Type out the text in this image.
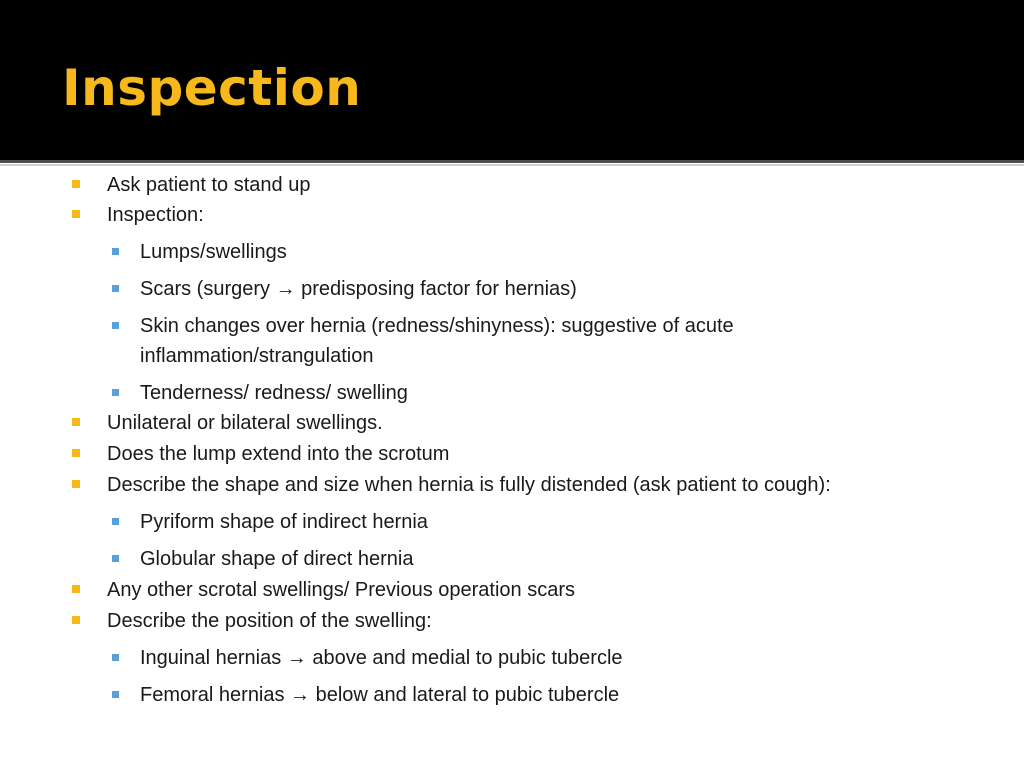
Inspection
Ask patient to stand up
Inspection:
Lumps/swellings
Scars (surgery → predisposing factor for hernias)
Skin changes over hernia (redness/shinyness): suggestive of acute
inflammation/strangulation
Tenderness/ redness/ swelling
Unilateral or bilateral swellings.
Does the lump extend into the scrotum
Describe the shape and size when hernia is fully distended (ask patient to cough):
Pyriform shape of indirect hernia
Globular shape of direct hernia
Any other scrotal swellings/ Previous operation scars
Describe the position of the swelling:
Inguinal hernias → above and medial to pubic tubercle
Femoral hernias → below and lateral to pubic tubercle
